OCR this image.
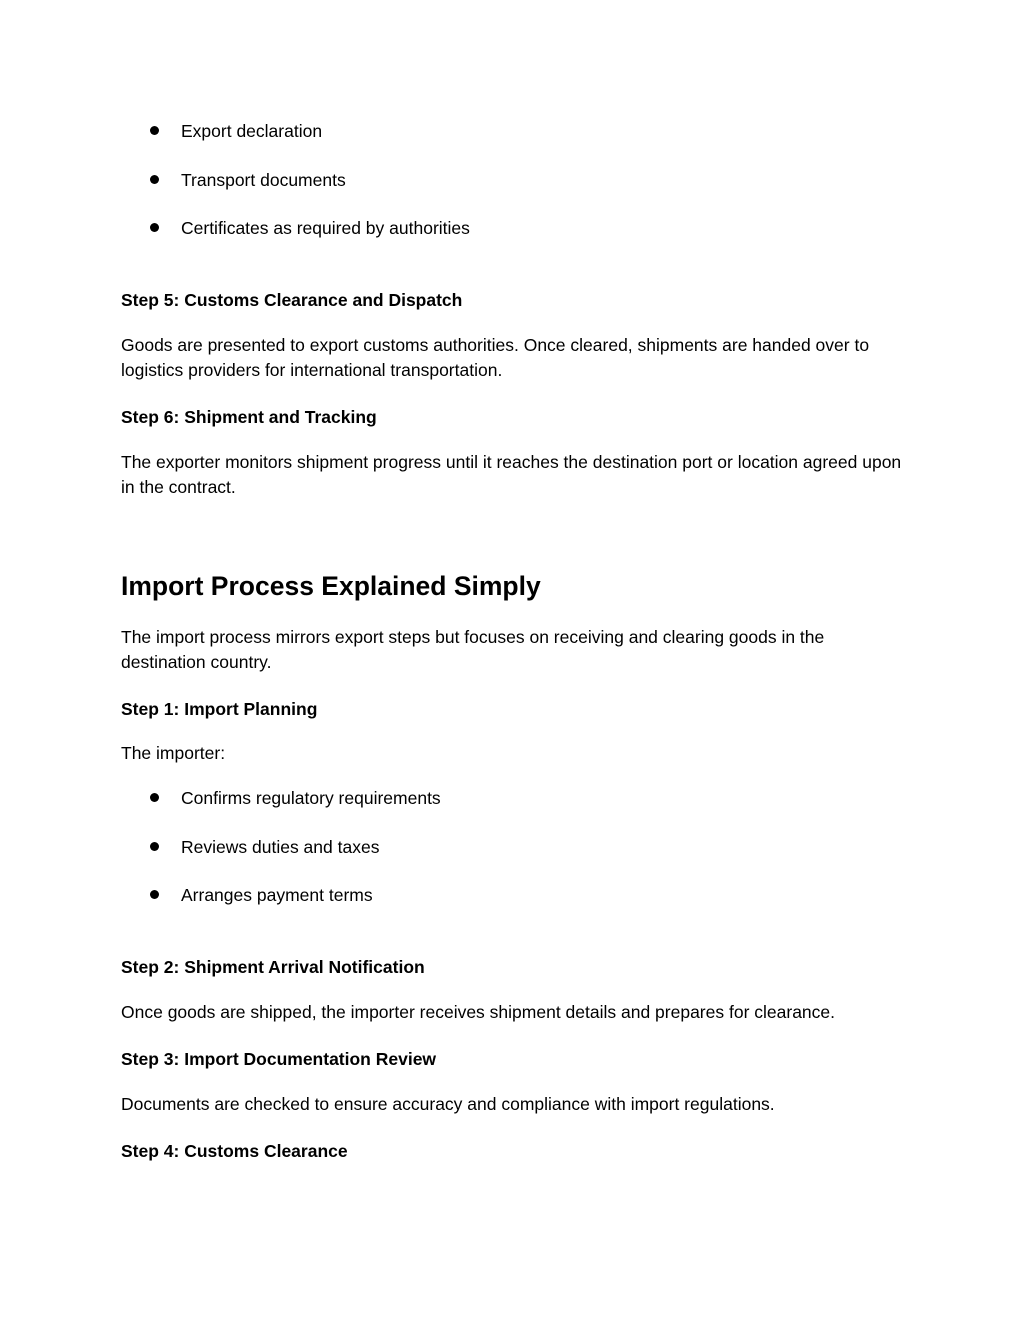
Export declaration
Transport documents
Certificates as required by authorities
Step 5: Customs Clearance and Dispatch
Goods are presented to export customs authorities. Once cleared, shipments are handed over to logistics providers for international transportation.
Step 6: Shipment and Tracking
The exporter monitors shipment progress until it reaches the destination port or location agreed upon in the contract.
Import Process Explained Simply
The import process mirrors export steps but focuses on receiving and clearing goods in the destination country.
Step 1: Import Planning
The importer:
Confirms regulatory requirements
Reviews duties and taxes
Arranges payment terms
Step 2: Shipment Arrival Notification
Once goods are shipped, the importer receives shipment details and prepares for clearance.
Step 3: Import Documentation Review
Documents are checked to ensure accuracy and compliance with import regulations.
Step 4: Customs Clearance
